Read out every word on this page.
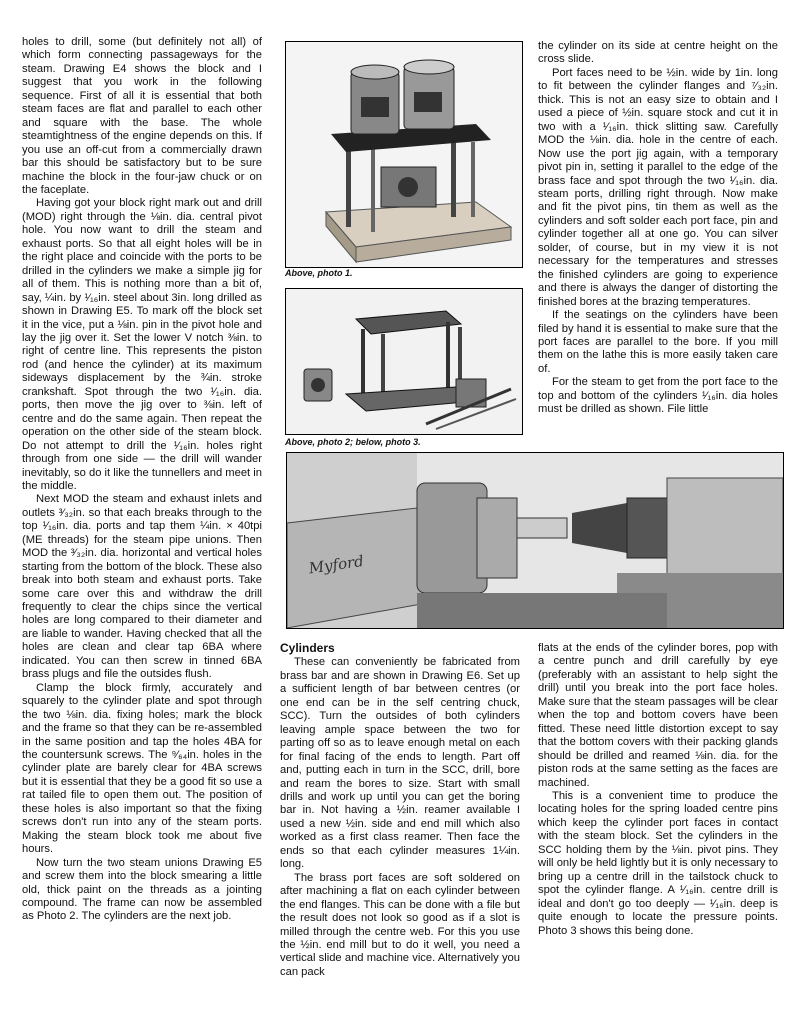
holes to drill, some (but definitely not all) of which form connecting passageways for the steam. Drawing E4 shows the block and I suggest that you work in the following sequence. First of all it is essential that both steam faces are flat and parallel to each other and square with the base. The whole steamtightness of the engine depends on this. If you use an off-cut from a commercially drawn bar this should be satisfactory but to be sure machine the block in the four-jaw chuck or on the faceplate.

Having got your block right mark out and drill (MOD) right through the ⅛in. dia. central pivot hole. You now want to drill the steam and exhaust ports. So that all eight holes will be in the right place and coincide with the ports to be drilled in the cylinders we make a simple jig for all of them. This is nothing more than a bit of, say, ¼in. by ¹⁄₁₆in. steel about 3in. long drilled as shown in Drawing E5. To mark off the block set it in the vice, put a ⅛in. pin in the pivot hole and lay the jig over it. Set the lower V notch ⅜in. to right of centre line. This represents the piston rod (and hence the cylinder) at its maximum sideways displacement by the ¾in. stroke crankshaft. Spot through the two ¹⁄₁₆in. dia. ports, then move the jig over to ⅜in. left of centre and do the same again. Then repeat the operation on the other side of the steam block. Do not attempt to drill the ¹⁄₁₆in. holes right through from one side — the drill will wander inevitably, so do it like the tunnellers and meet in the middle.

Next MOD the steam and exhaust inlets and outlets ³⁄₃₂in. so that each breaks through to the top ¹⁄₁₆in. dia. ports and tap them ¼in. × 40tpi (ME threads) for the steam pipe unions. Then MOD the ³⁄₃₂in. dia. horizontal and vertical holes starting from the bottom of the block. These also break into both steam and exhaust ports. Take some care over this and withdraw the drill frequently to clear the chips since the vertical holes are long compared to their diameter and are liable to wander. Having checked that all the holes are clean and clear tap 6BA where indicated. You can then screw in tinned 6BA brass plugs and file the outsides flush.

Clamp the block firmly, accurately and squarely to the cylinder plate and spot through the two ⅛in. dia. fixing holes; mark the block and the frame so that they can be re-assembled in the same position and tap the holes 4BA for the countersunk screws. The ⁹⁄₆₄in. holes in the cylinder plate are barely clear for 4BA screws but it is essential that they be a good fit so use a rat tailed file to open them out. The position of these holes is also important so that the fixing screws don't run into any of the steam ports. Making the steam block took me about five hours.

Now turn the two steam unions Drawing E5 and screw them into the block smearing a little old, thick paint on the threads as a jointing compound. The frame can now be assembled as Photo 2. The cylinders are the next job.

Above, photo 1.
Above, photo 2; below, photo 3.

the cylinder on its side at centre height on the cross slide.

Port faces need to be ½in. wide by 1in. long to fit between the cylinder flanges and ⁷⁄₃₂in. thick. This is not an easy size to obtain and I used a piece of ½in. square stock and cut it in two with a ¹⁄₁₆in. thick slitting saw. Carefully MOD the ⅛in. dia. hole in the centre of each. Now use the port jig again, with a temporary pivot pin in, setting it parallel to the edge of the brass face and spot through the two ¹⁄₁₆in. dia. steam ports, drilling right through. Now make and fit the pivot pins, tin them as well as the cylinders and soft solder each port face, pin and cylinder together all at one go. You can silver solder, of course, but in my view it is not necessary for the temperatures and stresses the finished cylinders are going to experience and there is always the danger of distorting the finished bores at the brazing temperatures.

If the seatings on the cylinders have been filed by hand it is essential to make sure that the port faces are parallel to the bore. If you mill them on the lathe this is more easily taken care of.

For the steam to get from the port face to the top and bottom of the cylinders ¹⁄₁₆in. dia holes must be drilled as shown. File little

Myford
Cylinders

These can conveniently be fabricated from brass bar and are shown in Drawing E6. Set up a sufficient length of bar between centres (or one end can be in the self centring chuck, SCC). Turn the outsides of both cylinders leaving ample space between the two for parting off so as to leave enough metal on each for final facing of the ends to length. Part off and, putting each in turn in the SCC, drill, bore and ream the bores to size. Start with small drills and work up until you can get the boring bar in. Not having a ½in. reamer available I used a new ½in. side and end mill which also worked as a first class reamer. Then face the ends so that each cylinder measures 1¼in. long.

The brass port faces are soft soldered on after machining a flat on each cylinder between the end flanges. This can be done with a file but the result does not look so good as if a slot is milled through the centre web. For this you use the ½in. end mill but to do it well, you need a vertical slide and machine vice. Alternatively you can pack

flats at the ends of the cylinder bores, pop with a centre punch and drill carefully by eye (preferably with an assistant to help sight the drill) until you break into the port face holes. Make sure that the steam passages will be clear when the top and bottom covers have been fitted. These need little distortion except to say that the bottom covers with their packing glands should be drilled and reamed ⅛in. dia. for the piston rods at the same setting as the faces are machined.

This is a convenient time to produce the locating holes for the spring loaded centre pins which keep the cylinder port faces in contact with the steam block. Set the cylinders in the SCC holding them by the ⅛in. pivot pins. They will only be held lightly but it is only necessary to bring up a centre drill in the tailstock chuck to spot the cylinder flange. A ¹⁄₁₆in. centre drill is ideal and don't go too deeply — ¹⁄₁₆in. deep is quite enough to locate the pressure points. Photo 3 shows this being done.
